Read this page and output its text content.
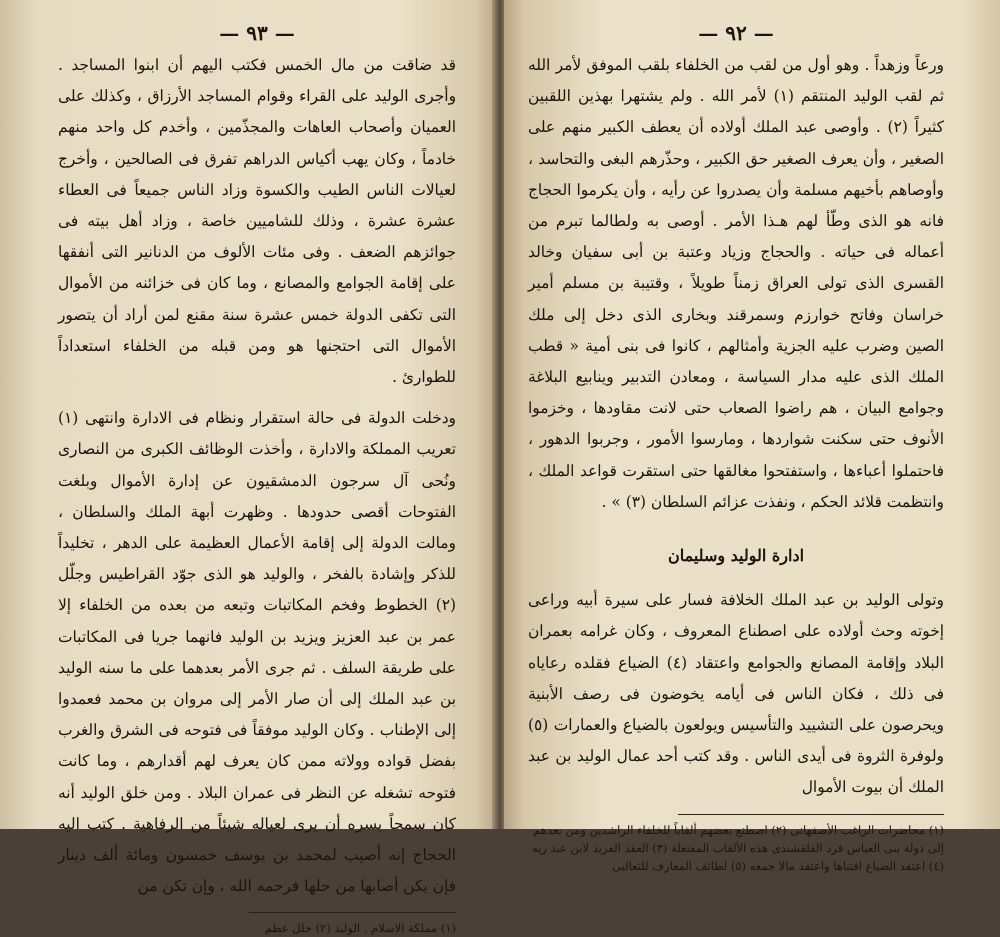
— ٩٣ —

قد ضاقت من مال الخمس فكتب اليهم أن ابنوا المساجد . وأجرى الوليد على القراء وقوام المساجد الأرزاق ، وكذلك على العميان وأصحاب العاهات والمجذّمين ، وأخدم كل واحد منهم خادماً ، وكان يهب أكياس الدراهم تفرق فى الصالحين ، وأخرج لعيالات الناس الطيب والكسوة وزاد الناس جميعاً فى العطاء عشرة عشرة ، وذلك للشاميين خاصة ، وزاد أهل بيته فى جوائزهم الضعف . وفى مئات الألوف من الدنانير التى أنفقها على إقامة الجوامع والمصانع ، وما كان فى خزائنه من الأموال التى تكفى الدولة خمس عشرة سنة مقنع لمن أراد أن يتصور الأموال التى احتجنها هو ومن قبله من الخلفاء استعداداً للطوارئ .

ودخلت الدولة فى حالة استقرار ونظام فى الادارة وانتهى (١) تعريب المملكة والادارة ، وأخذت الوظائف الكبرى من النصارى ونُحى آل سرجون الدمشقيون عن إدارة الأموال وبلغت الفتوحات أقصى حدودها . وظهرت أبهة الملك والسلطان ، ومالت الدولة إلى إقامة الأعمال العظيمة على الدهر ، تخليداً للذكر وإشادة بالفخر ، والوليد هو الذى جوّد القراطيس وجلّل (٢) الخطوط وفخم المكاتبات وتبعه من بعده من الخلفاء إلا عمر بن عبد العزيز ويزيد بن الوليد فانهما جريا فى المكاتبات على طريقة السلف . ثم جرى الأمر بعدهما على ما سنه الوليد بن عبد الملك إلى أن صار الأمر إلى مروان بن محمد فعمدوا إلى الإطناب . وكان الوليد موفقاً فى فتوحه فى الشرق والغرب بفضل قواده وولاته ممن كان يعرف لهم أقدارهم ، وما كانت فتوحه تشغله عن النظر فى عمران البلاد . ومن خلق الوليد أنه كان سمحاً يسره أن يرى لعياله شيئاً من الرفاهية . كتب اليه الحجاج إنه أصيب لمحمد بن يوسف خمسون ومائة ألف دينار فإن يكن أصابها من حلها فرحمه الله ، وإن تكن من

(١) مملكة الاسلام . الوليد (٢) جلل عظم

— ٩٢ —

ورعاً وزهداً . وهو أول من لقب من الخلفاء بلقب الموفق لأمر الله ثم لقب الوليد المنتقم (١) لأمر الله . ولم يشتهرا بهذين اللقبين كثيراً (٢) . وأوصى عبد الملك أولاده أن يعطف الكبير منهم على الصغير ، وأن يعرف الصغير حق الكبير ، وحذّرهم البغى والتحاسد ، وأوصاهم بأخيهم مسلمة وأن يصدروا عن رأيه ، وأن يكرموا الحجاج فانه هو الذى وطّأ لهم هـذا الأمر . أوصى به ولطالما تبرم من أعماله فى حياته . والحجاج وزياد وعتبة بن أبى سفيان وخالد القسرى الذى تولى العراق زمناً طويلاً ، وقتيبة بن مسلم أمير خراسان وفاتح خوارزم وسمرقند وبخارى الذى دخل إلى ملك الصين وضرب عليه الجزية وأمثالهم ، كانوا فى بنى أمية « قطب الملك الذى عليه مدار السياسة ، ومعادن التدبير وينابيع البلاغة وجوامع البيان ، هم راضوا الصعاب حتى لانت مقاودها ، وخزموا الأنوف حتى سكنت شواردها ، ومارسوا الأمور ، وجربوا الدهور ، فاحتملوا أعباءها ، واستفتحوا مغالقها حتى استقرت قواعد الملك ، وانتظمت قلائد الحكم ، ونفذت عزائم السلطان (٣) » .

ادارة الوليد وسليمان

وتولى الوليد بن عبد الملك الخلافة فسار على سيرة أبيه وراعى إخوته وحث أولاده على اصطناع المعروف ، وكان غرامه بعمران البلاد وإقامة المصانع والجوامع واعتقاد (٤) الضياع فقلده رعاياه فى ذلك ، فكان الناس فى أيامه يخوضون فى رصف الأبنية ويحرصون على التشييد والتأسيس ويولعون بالضياع والعمارات (٥) ولوفرة الثروة فى أيدى الناس . وقد كتب أحد عمال الوليد بن عبد الملك أن بيوت الأموال

(١) محاضرات الراغب الأصفهانى (٢) اصطنع بعضهم ألقاباً للخلفاء الراشدين ومن بعدهم إلى دولة بنى العباس فرد القلقشندى هذه الألقاب المفتعلة (٣) العقد الفريد لابن عبد ربه (٤) اعتقد الضياع اقتناها واعتقد مالا جمعه (٥) لطائف المعارف للثعالبى
